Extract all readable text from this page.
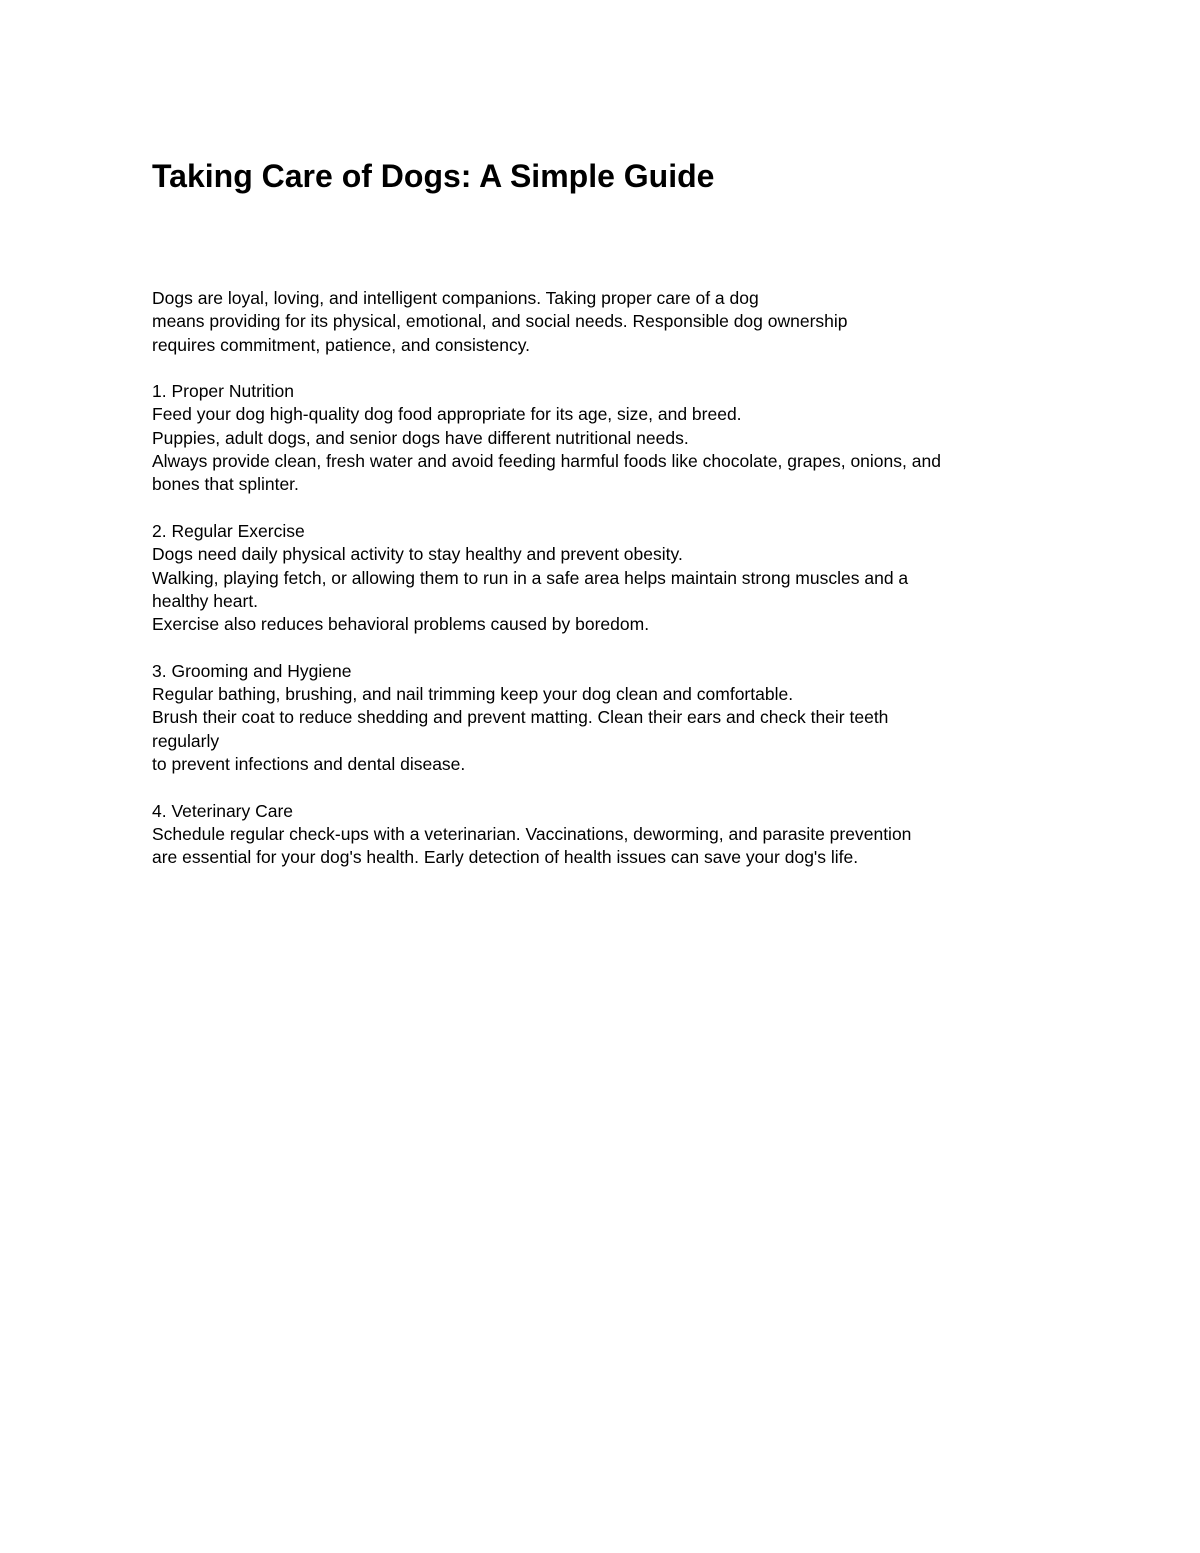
Taking Care of Dogs: A Simple Guide

Dogs are loyal, loving, and intelligent companions. Taking proper care of a dog
means providing for its physical, emotional, and social needs. Responsible dog ownership
requires commitment, patience, and consistency.

1. Proper Nutrition
Feed your dog high-quality dog food appropriate for its age, size, and breed.
Puppies, adult dogs, and senior dogs have different nutritional needs.
Always provide clean, fresh water and avoid feeding harmful foods like chocolate, grapes, onions, and
bones that splinter.
2. Regular Exercise
Dogs need daily physical activity to stay healthy and prevent obesity.
Walking, playing fetch, or allowing them to run in a safe area helps maintain strong muscles and a
healthy heart.
Exercise also reduces behavioral problems caused by boredom.
3. Grooming and Hygiene
Regular bathing, brushing, and nail trimming keep your dog clean and comfortable.
Brush their coat to reduce shedding and prevent matting. Clean their ears and check their teeth
regularly
to prevent infections and dental disease.
4. Veterinary Care
Schedule regular check-ups with a veterinarian. Vaccinations, deworming, and parasite prevention
are essential for your dog's health. Early detection of health issues can save your dog's life.
